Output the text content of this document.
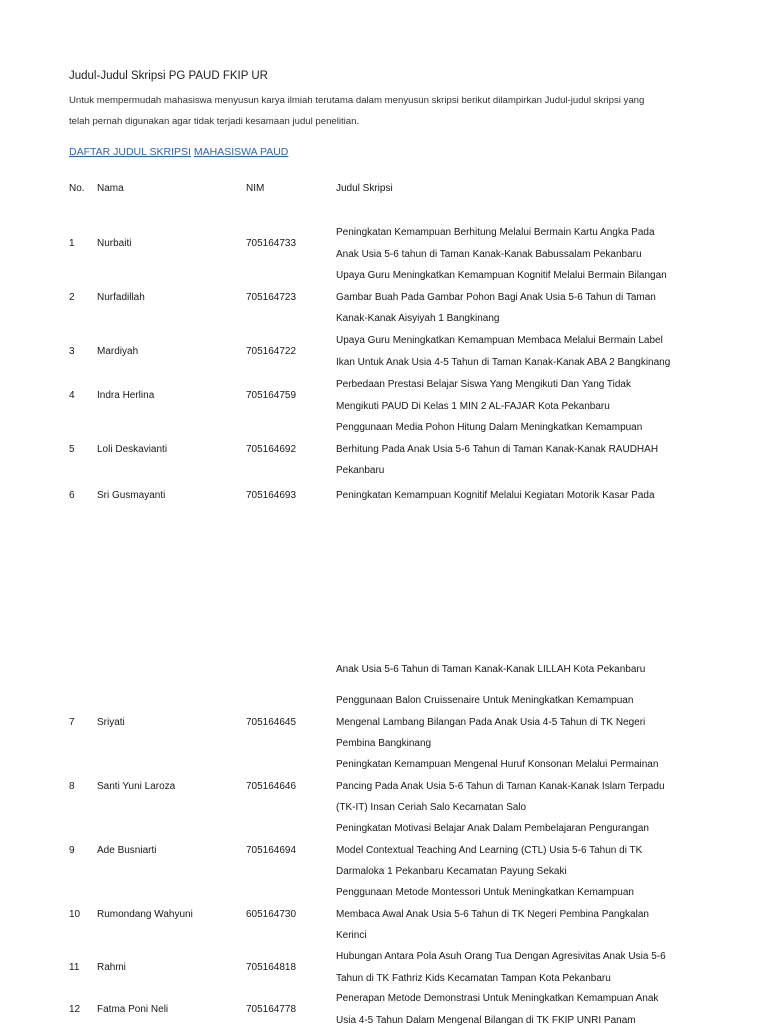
Judul-Judul Skripsi PG PAUD FKIP UR
Untuk mempermudah mahasiswa menyusun karya ilmiah terutama dalam menyusun skripsi berikut dilampirkan Judul-judul skripsi yang
telah pernah digunakan agar tidak terjadi kesamaan judul penelitian.
DAFTAR JUDUL SKRIPSI MAHASISWA PAUD
No. Nama	NIM	Judul Skripsi
1 Nurbaiti	705164733
Peningkatan Kemampuan Berhitung Melalui Bermain Kartu Angka Pada
Anak Usia 5-6 tahun di Taman Kanak-Kanak Babussalam Pekanbaru
2 Nurfadillah	705164723
Upaya Guru Meningkatkan Kemampuan Kognitif Melalui Bermain Bilangan
Gambar Buah Pada Gambar Pohon Bagi Anak Usia 5-6 Tahun di Taman
Kanak-Kanak Aisyiyah 1 Bangkinang
3 Mardiyah	705164722
Upaya Guru Meningkatkan Kemampuan Membaca Melalui Bermain Label
Ikan Untuk Anak Usia 4-5 Tahun di Taman Kanak-Kanak ABA 2 Bangkinang
4 Indra Herlina	705164759
Perbedaan Prestasi Belajar Siswa Yang Mengikuti Dan Yang Tidak
Mengikuti PAUD Di Kelas 1 MIN 2 AL-FAJAR Kota Pekanbaru
5 Loli Deskavianti	705164692
Penggunaan Media Pohon Hitung Dalam Meningkatkan Kemampuan
Berhitung Pada Anak Usia 5-6 Tahun di Taman Kanak-Kanak RAUDHAH
Pekanbaru
6 Sri Gusmayanti	705164693	Peningkatan Kemampuan Kognitif Melalui Kegiatan Motorik Kasar Pada
Anak Usia 5-6 Tahun di Taman Kanak-Kanak LILLAH Kota Pekanbaru
7 Sriyati	705164645
Penggunaan Balon Cruissenaire Untuk Meningkatkan Kemampuan
Mengenal Lambang Bilangan Pada Anak Usia 4-5 Tahun di TK Negeri
Pembina Bangkinang
8 Santi Yuni Laroza	705164646
Peningkatan Kemampuan Mengenal Huruf Konsonan Melalui Permainan
Pancing Pada Anak Usia 5-6 Tahun di Taman Kanak-Kanak Islam Terpadu
(TK-IT) Insan Ceriah Salo Kecamatan Salo
9 Ade Busniarti	705164694
Peningkatan Motivasi Belajar Anak Dalam Pembelajaran Pengurangan
Model Contextual Teaching And Learning (CTL) Usia 5-6 Tahun di TK
Darmaloka 1 Pekanbaru Kecamatan Payung Sekaki
10 Rumondang Wahyuni	605164730
Penggunaan Metode Montessori Untuk Meningkatkan Kemampuan
Membaca Awal Anak Usia 5-6 Tahun di TK Negeri Pembina Pangkalan
Kerinci
11 Rahmi	705164818
Hubungan Antara Pola Asuh Orang Tua Dengan Agresivitas Anak Usia 5-6
Tahun di TK Fathriz Kids Kecamatan Tampan Kota Pekanbaru
12 Fatma Poni Neli	705164778
Penerapan Metode Demonstrasi Untuk Meningkatkan Kemampuan Anak
Usia 4-5 Tahun Dalam Mengenal Bilangan di TK FKIP UNRI Panam
